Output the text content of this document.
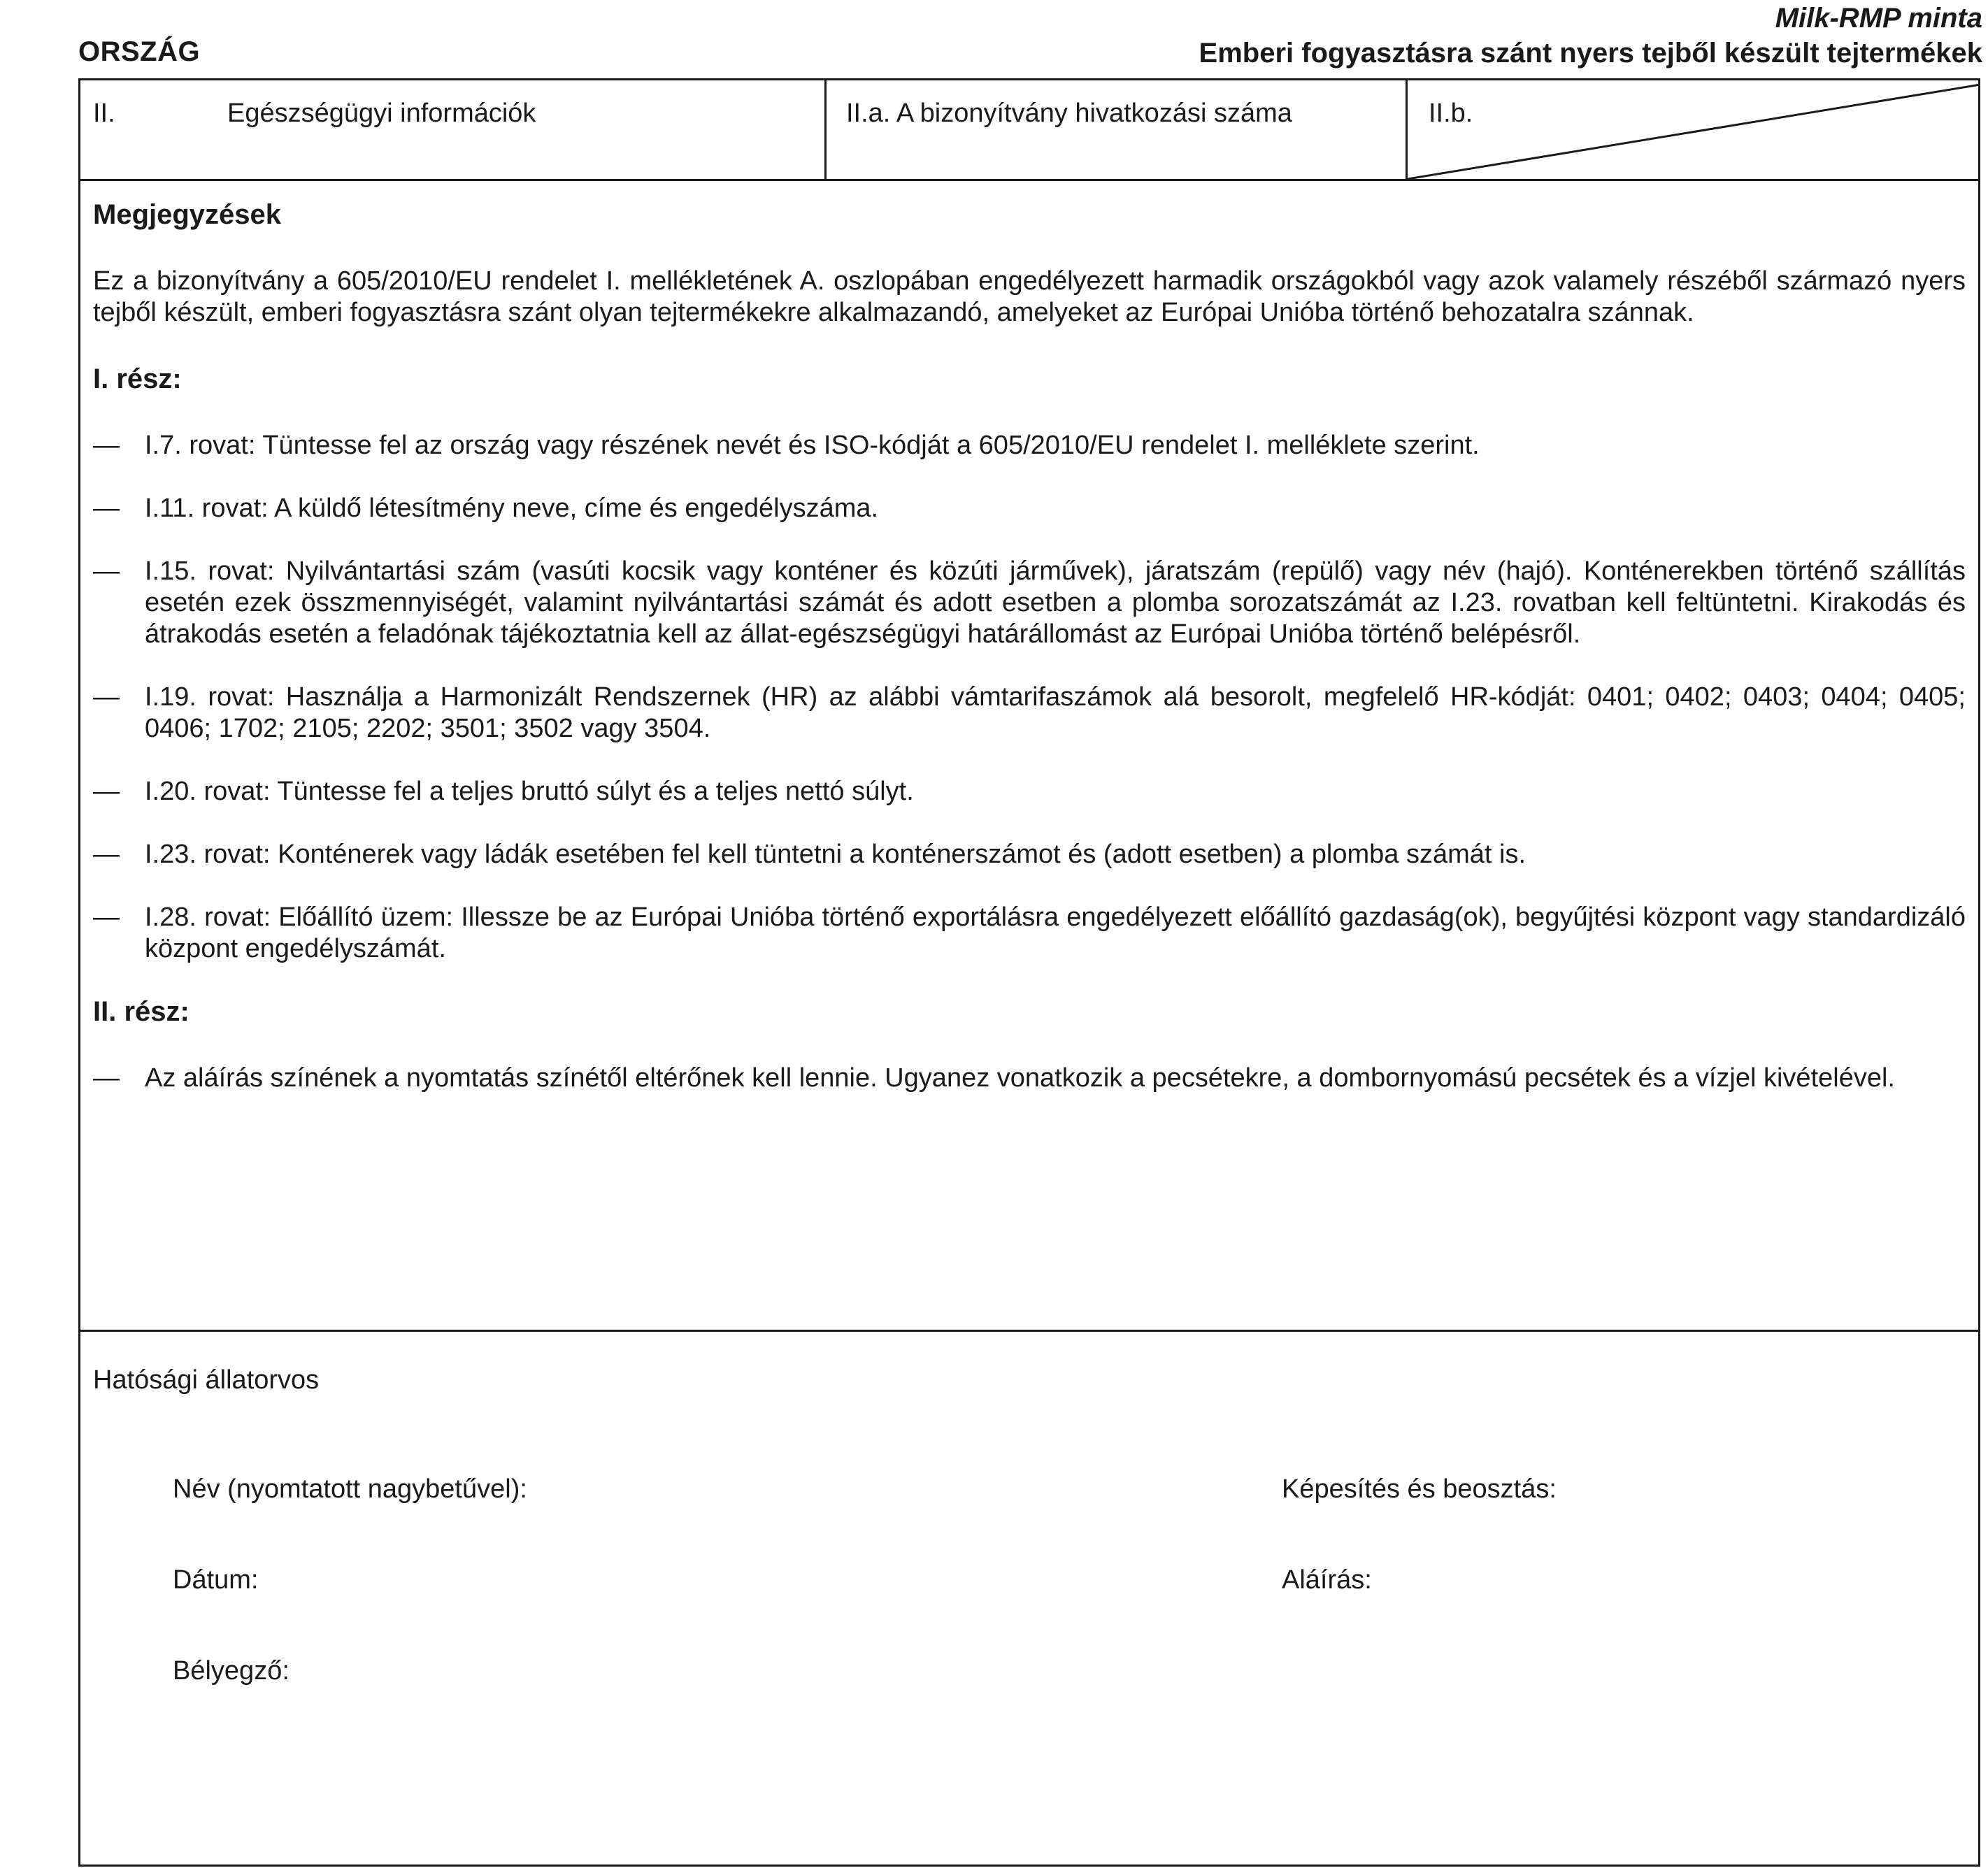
ORSZÁG
Milk-RMP minta
Emberi fogyasztásra szánt nyers tejből készült tejtermékek
II.	Egészségügyi információk	II.a. A bizonyítvány hivatkozási száma	II.b.

Megjegyzések

Ez a bizonyítvány a 605/2010/EU rendelet I. mellékletének A. oszlopában engedélyezett harmadik országokból vagy azok valamely részéből származó nyers tejből készült, emberi fogyasztásra szánt olyan tejtermékekre alkalmazandó, amelyeket az Európai Unióba történő behozatalra szánnak.

I. rész:

— I.7. rovat: Tüntesse fel az ország vagy részének nevét és ISO-kódját a 605/2010/EU rendelet I. melléklete szerint.
— I.11. rovat: A küldő létesítmény neve, címe és engedélyszáma.
— I.15. rovat: Nyilvántartási szám (vasúti kocsik vagy konténer és közúti járművek), járatszám (repülő) vagy név (hajó). Konténerekben történő szállítás esetén ezek összmennyiségét, valamint nyilvántartási számát és adott esetben a plomba sorozatszámát az I.23. rovatban kell feltüntetni. Kirakodás és átrakodás esetén a feladónak tájékoztatnia kell az állat-egészségügyi határállomást az Európai Unióba történő belépésről.
— I.19. rovat: Használja a Harmonizált Rendszernek (HR) az alábbi vámtarifaszámok alá besorolt, megfelelő HR-kódját: 0401; 0402; 0403; 0404; 0405; 0406; 1702; 2105; 2202; 3501; 3502 vagy 3504.
— I.20. rovat: Tüntesse fel a teljes bruttó súlyt és a teljes nettó súlyt.
— I.23. rovat: Konténerek vagy ládák esetében fel kell tüntetni a konténerszámot és (adott esetben) a plomba számát is.
— I.28. rovat: Előállító üzem: Illessze be az Európai Unióba történő exportálásra engedélyezett előállító gazdaság(ok), begyűjtési központ vagy standardizáló központ engedélyszámát.

II. rész:

— Az aláírás színének a nyomtatás színétől eltérőnek kell lennie. Ugyanez vonatkozik a pecsétekre, a dombornyomású pecsétek és a vízjel kivételével.
Hatósági állatorvos
Név (nyomtatott nagybetűvel):	Képesítés és beosztás:
Dátum:	Aláírás:
Bélyegző:
